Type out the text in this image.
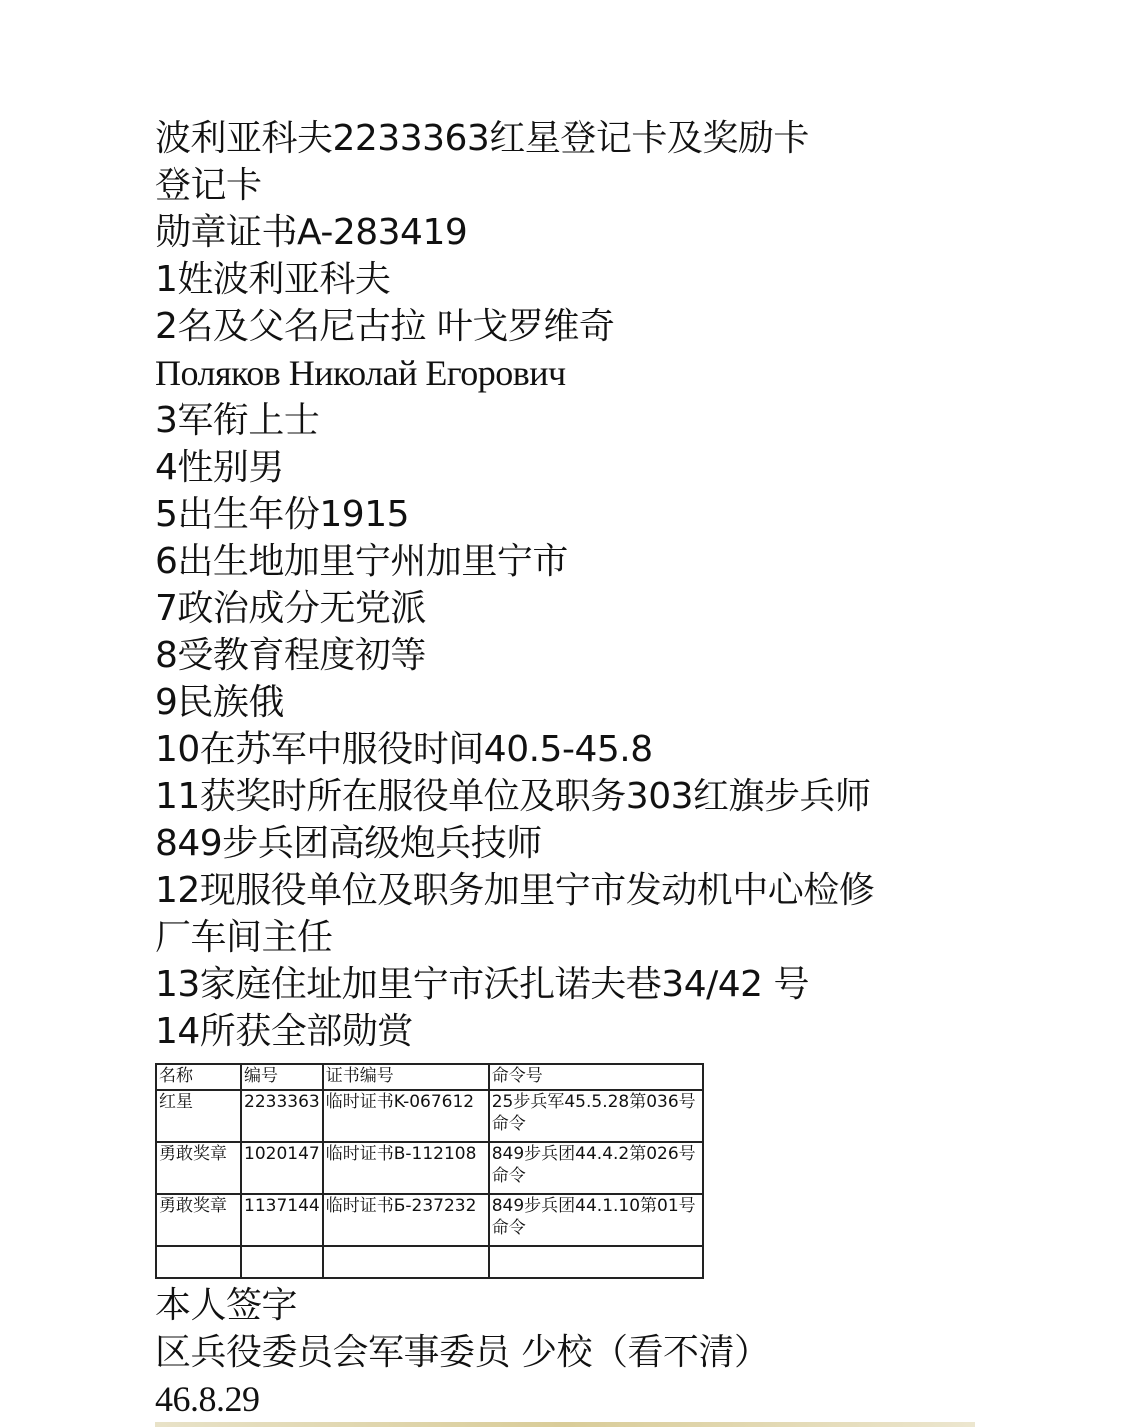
波利亚科夫2233363红星登记卡及奖励卡
登记卡
勋章证书A-283419
1姓波利亚科夫
2名及父名尼古拉 叶戈罗维奇
Поляков Николай Егорович
3军衔上士
4性别男
5出生年份1915
6出生地加里宁州加里宁市
7政治成分无党派
8受教育程度初等
9民族俄
10在苏军中服役时间40.5-45.8
11获奖时所在服役单位及职务303红旗步兵师
849步兵团高级炮兵技师
12现服役单位及职务加里宁市发动机中心检修
厂车间主任
13家庭住址加里宁市沃扎诺夫巷34/42 号
14所获全部勋赏
名称	编号	证书编号	命令号
红星	2233363	临时证书K-067612	25步兵军45.5.28第036号命令
勇敢奖章	1020147	临时证书B-112108	849步兵团44.4.2第026号命令
勇敢奖章	1137144	临时证书Б-237232	849步兵团44.1.10第01号命令

本人签字
区兵役委员会军事委员 少校（看不清）
46.8.29
